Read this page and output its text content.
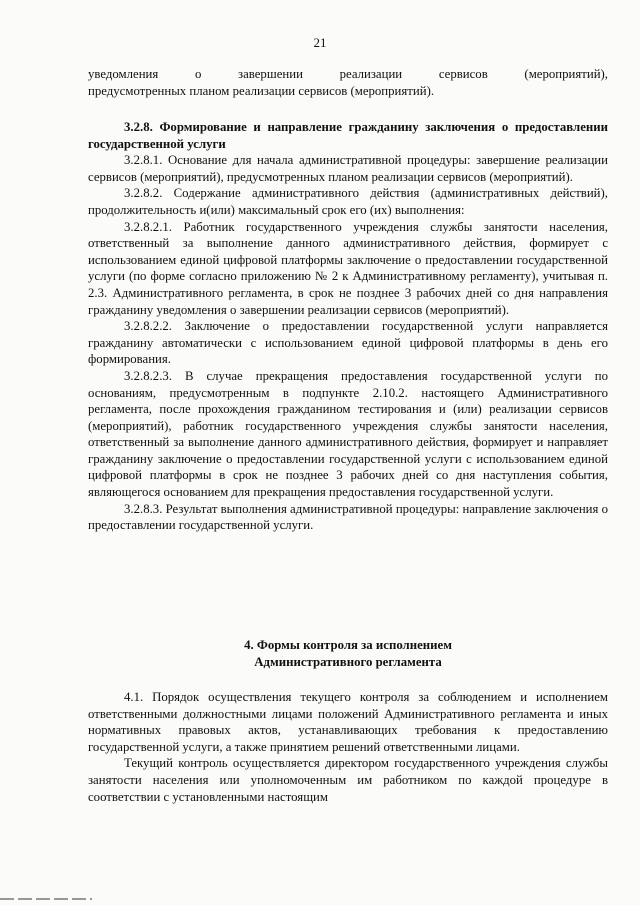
21
уведомления о завершении реализации сервисов (мероприятий),
предусмотренных планом реализации сервисов (мероприятий).

3.2.8. Формирование и направление гражданину заключения о предоставлении государственной услуги

3.2.8.1. Основание для начала административной процедуры: завершение реализации сервисов (мероприятий), предусмотренных планом реализации сервисов (мероприятий).

3.2.8.2. Содержание административного действия (административных действий), продолжительность и(или) максимальный срок его (их) выполнения:

3.2.8.2.1. Работник государственного учреждения службы занятости населения, ответственный за выполнение данного административного действия, формирует с использованием единой цифровой платформы заключение о предоставлении государственной услуги (по форме согласно приложению № 2 к Административному регламенту), учитывая п. 2.3. Административного регламента, в срок не позднее 3 рабочих дней со дня направления гражданину уведомления о завершении реализации сервисов (мероприятий).

3.2.8.2.2. Заключение о предоставлении государственной услуги направляется гражданину автоматически с использованием единой цифровой платформы в день его формирования.

3.2.8.2.3. В случае прекращения предоставления государственной услуги по основаниям, предусмотренным в подпункте 2.10.2. настоящего Административного регламента, после прохождения гражданином тестирования и (или) реализации сервисов (мероприятий), работник государственного учреждения службы занятости населения, ответственный за выполнение данного административного действия, формирует и направляет гражданину заключение о предоставлении государственной услуги с использованием единой цифровой платформы в срок не позднее 3 рабочих дней со дня наступления события, являющегося основанием для прекращения предоставления государственной услуги.

3.2.8.3. Результат выполнения административной процедуры: направление заключения о предоставлении государственной услуги.

4. Формы контроля за исполнением
Административного регламента

4.1. Порядок осуществления текущего контроля за соблюдением и исполнением ответственными должностными лицами положений Административного регламента и иных нормативных правовых актов, устанавливающих требования к предоставлению государственной услуги, а также принятием решений ответственными лицами.

Текущий контроль осуществляется директором государственного учреждения службы занятости населения или уполномоченным им работником по каждой процедуре в соответствии с установленными настоящим
